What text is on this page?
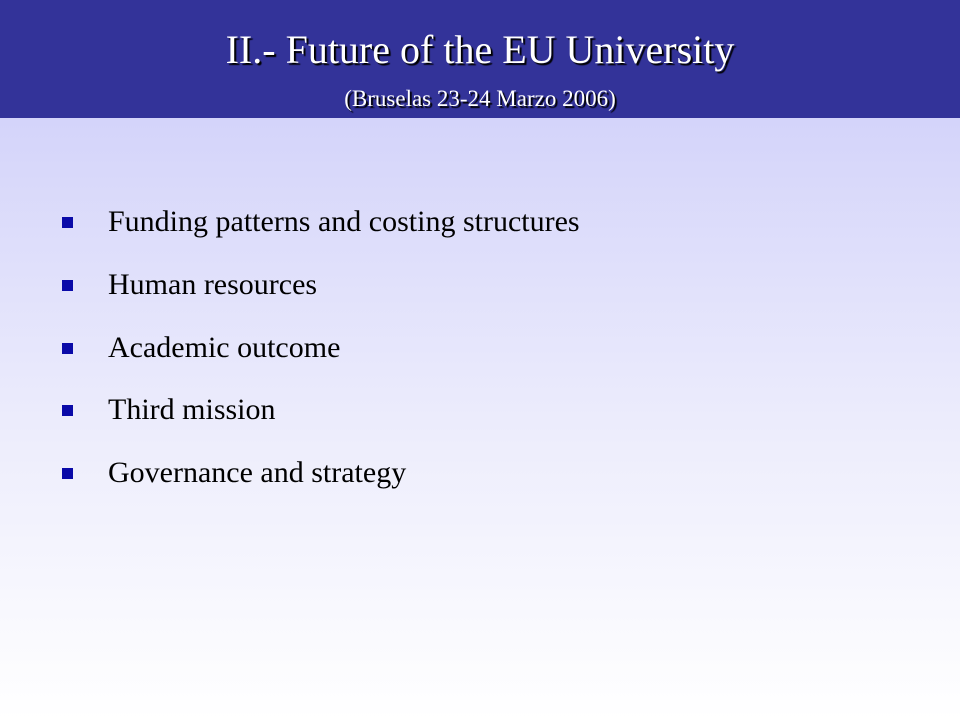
II.- Future of the EU University
(Bruselas 23-24 Marzo 2006)
Funding patterns and costing structures
Human resources
Academic outcome
Third mission
Governance and strategy
